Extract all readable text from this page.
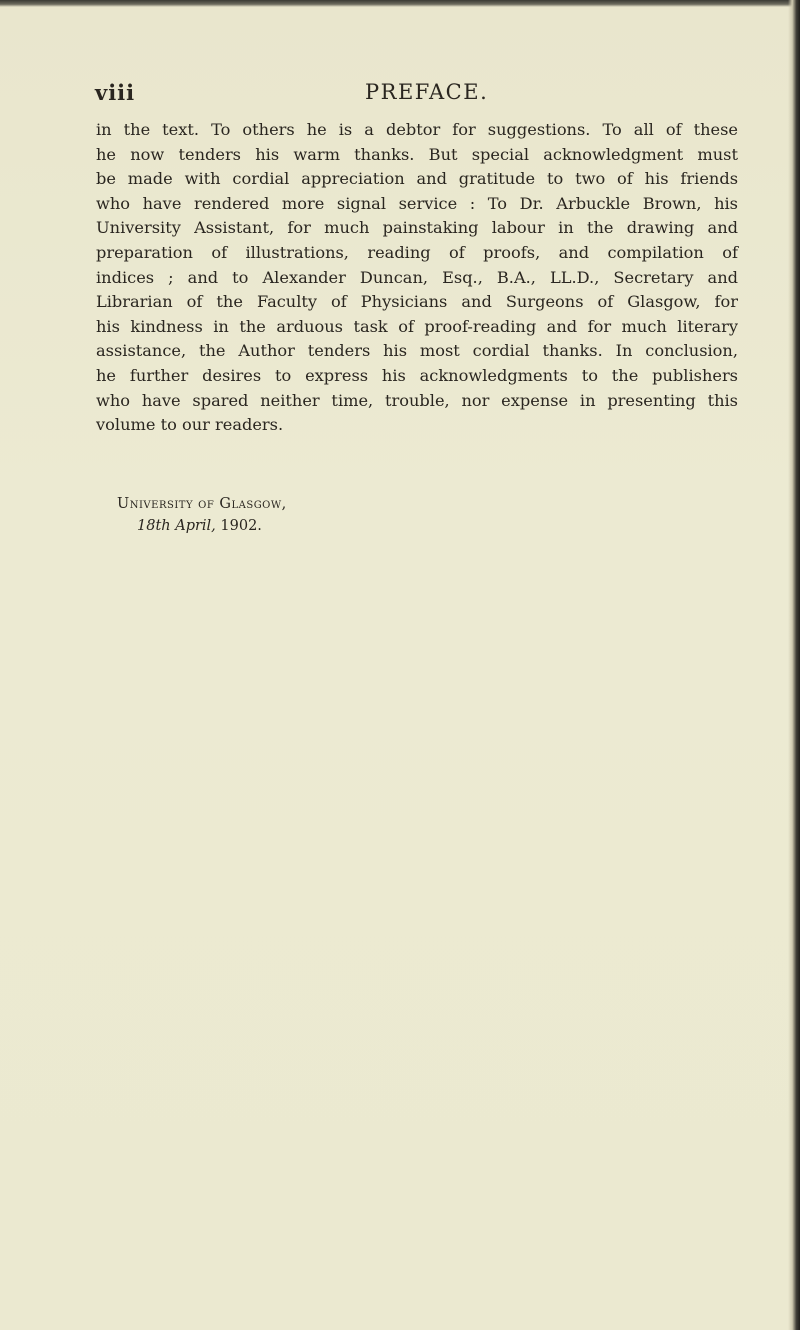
viii	PREFACE.
in the text. To others he is a debtor for suggestions. To all of these
he now tenders his warm thanks. But special acknowledgment must
be made with cordial appreciation and gratitude to two of his friends
who have rendered more signal service : To Dr. Arbuckle Brown, his
University Assistant, for much painstaking labour in the drawing and
preparation of illustrations, reading of proofs, and compilation of
indices ; and to Alexander Duncan, Esq., B.A., LL.D., Secretary and
Librarian of the Faculty of Physicians and Surgeons of Glasgow, for
his kindness in the arduous task of proof-reading and for much literary
assistance, the Author tenders his most cordial thanks. In conclusion,
he further desires to express his acknowledgments to the publishers
who have spared neither time, trouble, nor expense in presenting this
volume to our readers.
University of Glasgow,
18th April, 1902.
